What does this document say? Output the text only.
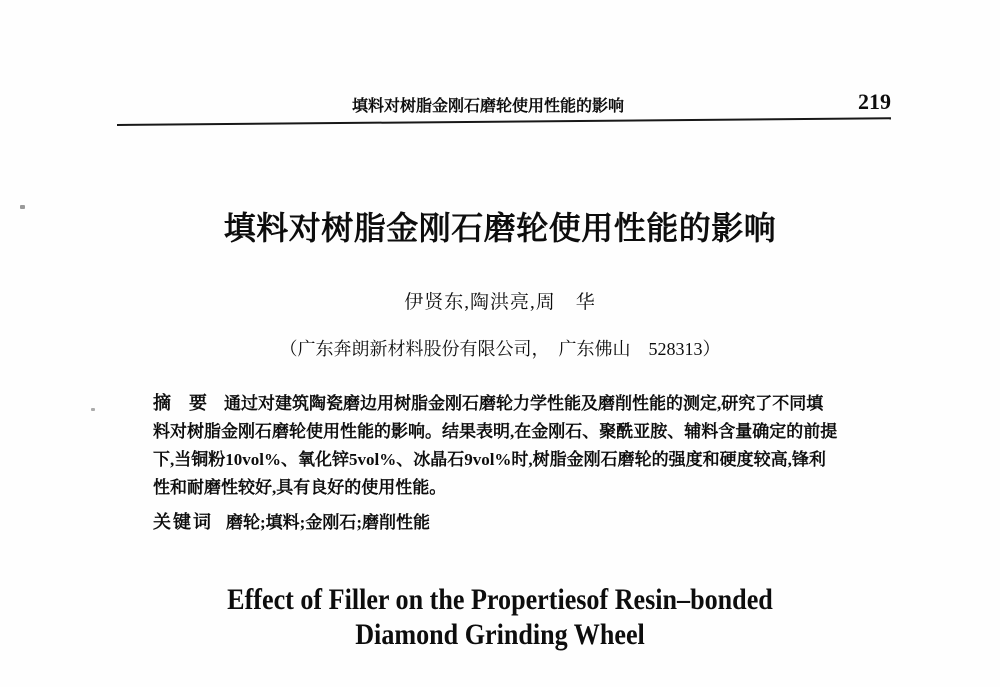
填料对树脂金刚石磨轮使用性能的影响	219
填料对树脂金刚石磨轮使用性能的影响
伊贤东,陶洪亮,周　华
（广东奔朗新材料股份有限公司，　广东佛山　528313）
摘　要 通过对建筑陶瓷磨边用树脂金刚石磨轮力学性能及磨削性能的测定,研究了不同填
料对树脂金刚石磨轮使用性能的影响。结果表明,在金刚石、聚酰亚胺、辅料含量确定的前提
下,当铜粉10vol%、氧化锌5vol%、冰晶石9vol%时,树脂金刚石磨轮的强度和硬度较高,锋利
性和耐磨性较好,具有良好的使用性能。
关键词 磨轮;填料;金刚石;磨削性能
Effect of Filler on the Propertiesof Resin–bonded
Diamond Grinding Wheel
